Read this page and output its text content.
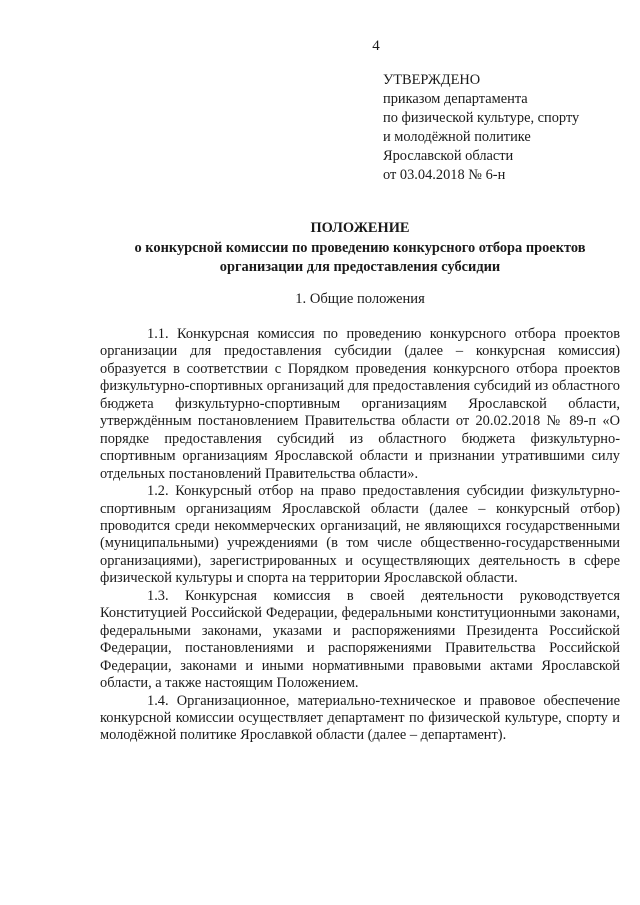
4
УТВЕРЖДЕНО
приказом департамента
по физической культуре, спорту
и молодёжной политике
Ярославской области
от 03.04.2018 № 6-н
ПОЛОЖЕНИЕ
о конкурсной комиссии по проведению конкурсного отбора проектов
организации для предоставления субсидии
1. Общие положения

1.1. Конкурсная комиссия по проведению конкурсного отбора проектов организации для предоставления субсидии (далее – конкурсная комиссия) образуется в соответствии с Порядком проведения конкурсного отбора проектов физкультурно-спортивных организаций для предоставления субсидий из областного бюджета физкультурно-спортивным организациям Ярославской области, утверждённым постановлением Правительства области от 20.02.2018 № 89-п «О порядке предоставления субсидий из областного бюджета физкультурно-спортивным организациям Ярославской области и признании утратившими силу отдельных постановлений Правительства области».

1.2. Конкурсный отбор на право предоставления субсидии физкультурно-спортивным организациям Ярославской области (далее – конкурсный отбор) проводится среди некоммерческих организаций, не являющихся государственными (муниципальными) учреждениями (в том числе общественно-государственными организациями), зарегистрированных и осуществляющих деятельность в сфере физической культуры и спорта на территории Ярославской области.

1.3. Конкурсная комиссия в своей деятельности руководствуется Конституцией Российской Федерации, федеральными конституционными законами, федеральными законами, указами и распоряжениями Президента Российской Федерации, постановлениями и распоряжениями Правительства Российской Федерации, законами и иными нормативными правовыми актами Ярославской области, а также настоящим Положением.

1.4. Организационное, материально-техническое и правовое обеспечение конкурсной комиссии осуществляет департамент по физической культуре, спорту и молодёжной политике Ярославкой области (далее – департамент).
